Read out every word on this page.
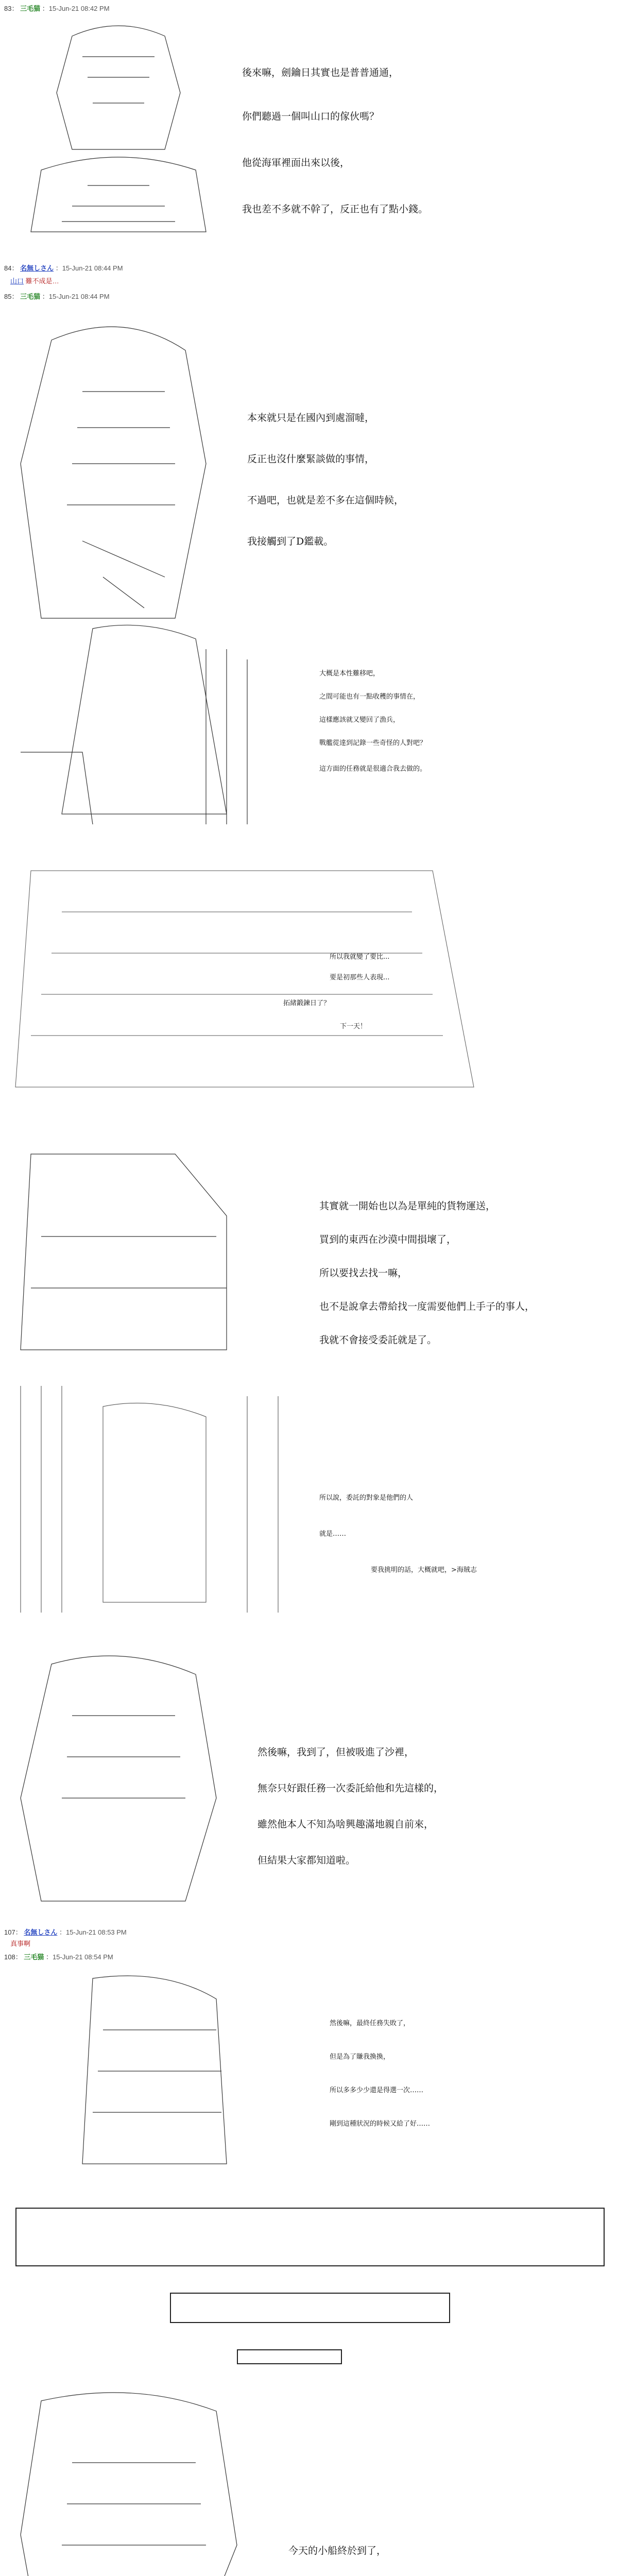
83： 三毛猫 ：15-Jun-21 08:42 PM
後來嘛，劍鑰日其實也是普普通通，
你們聽過一個叫山口的傢伙嗎？
他從海軍裡面出來以後，
我也差不多就不幹了，反正也有了點小錢。
84： 名無しさん ：15-Jun-21 08:44 PM
山口 難不成是…
85： 三毛猫 ：15-Jun-21 08:44 PM
本來就只是在國內到處溜噠，
反正也沒什麼緊談做的事情，
不過吧，也就是差不多在這個時候，
我接觸到了D鑑載。
大概是本性難移吧，
之間可能也有一點收穫的事情在，
這樣應該就又變回了漁兵，
戰艦從達到記錄一些奇怪的人對吧？
這方面的任務就是很適合我去做的。
所以我就變了要比...
要是初那些人表現...
拓緒鍛鍊日了？
下一天！
其實就一開始也以為是單純的貨物運送，
買到的東西在沙漠中間損壞了，
所以要找去找一嘛，
也不是說拿去帶給找一度需要他們上手子的事人，
我就不會接受委託就是了。
所以說，委託的對象是他們的人
就是……
要我挑明的話，大概就吧，>海賊志
然後嘛，我到了，但被吸進了沙裡，
無奈只好跟任務一次委託給他和先這樣的，
雖然他本人不知為啥興趣滿地親自前來，
但結果大家都知道啦。
107： 名無しさん ：15-Jun-21 08:53 PM
真事啊
108： 三毛猫 ：15-Jun-21 08:54 PM
然後嘛，最終任務失敗了，
但是為了賺我換換，
所以多多少少還是得選一次……
剛到這種狀況的時候又給了好……
今天的小船終於到了，
